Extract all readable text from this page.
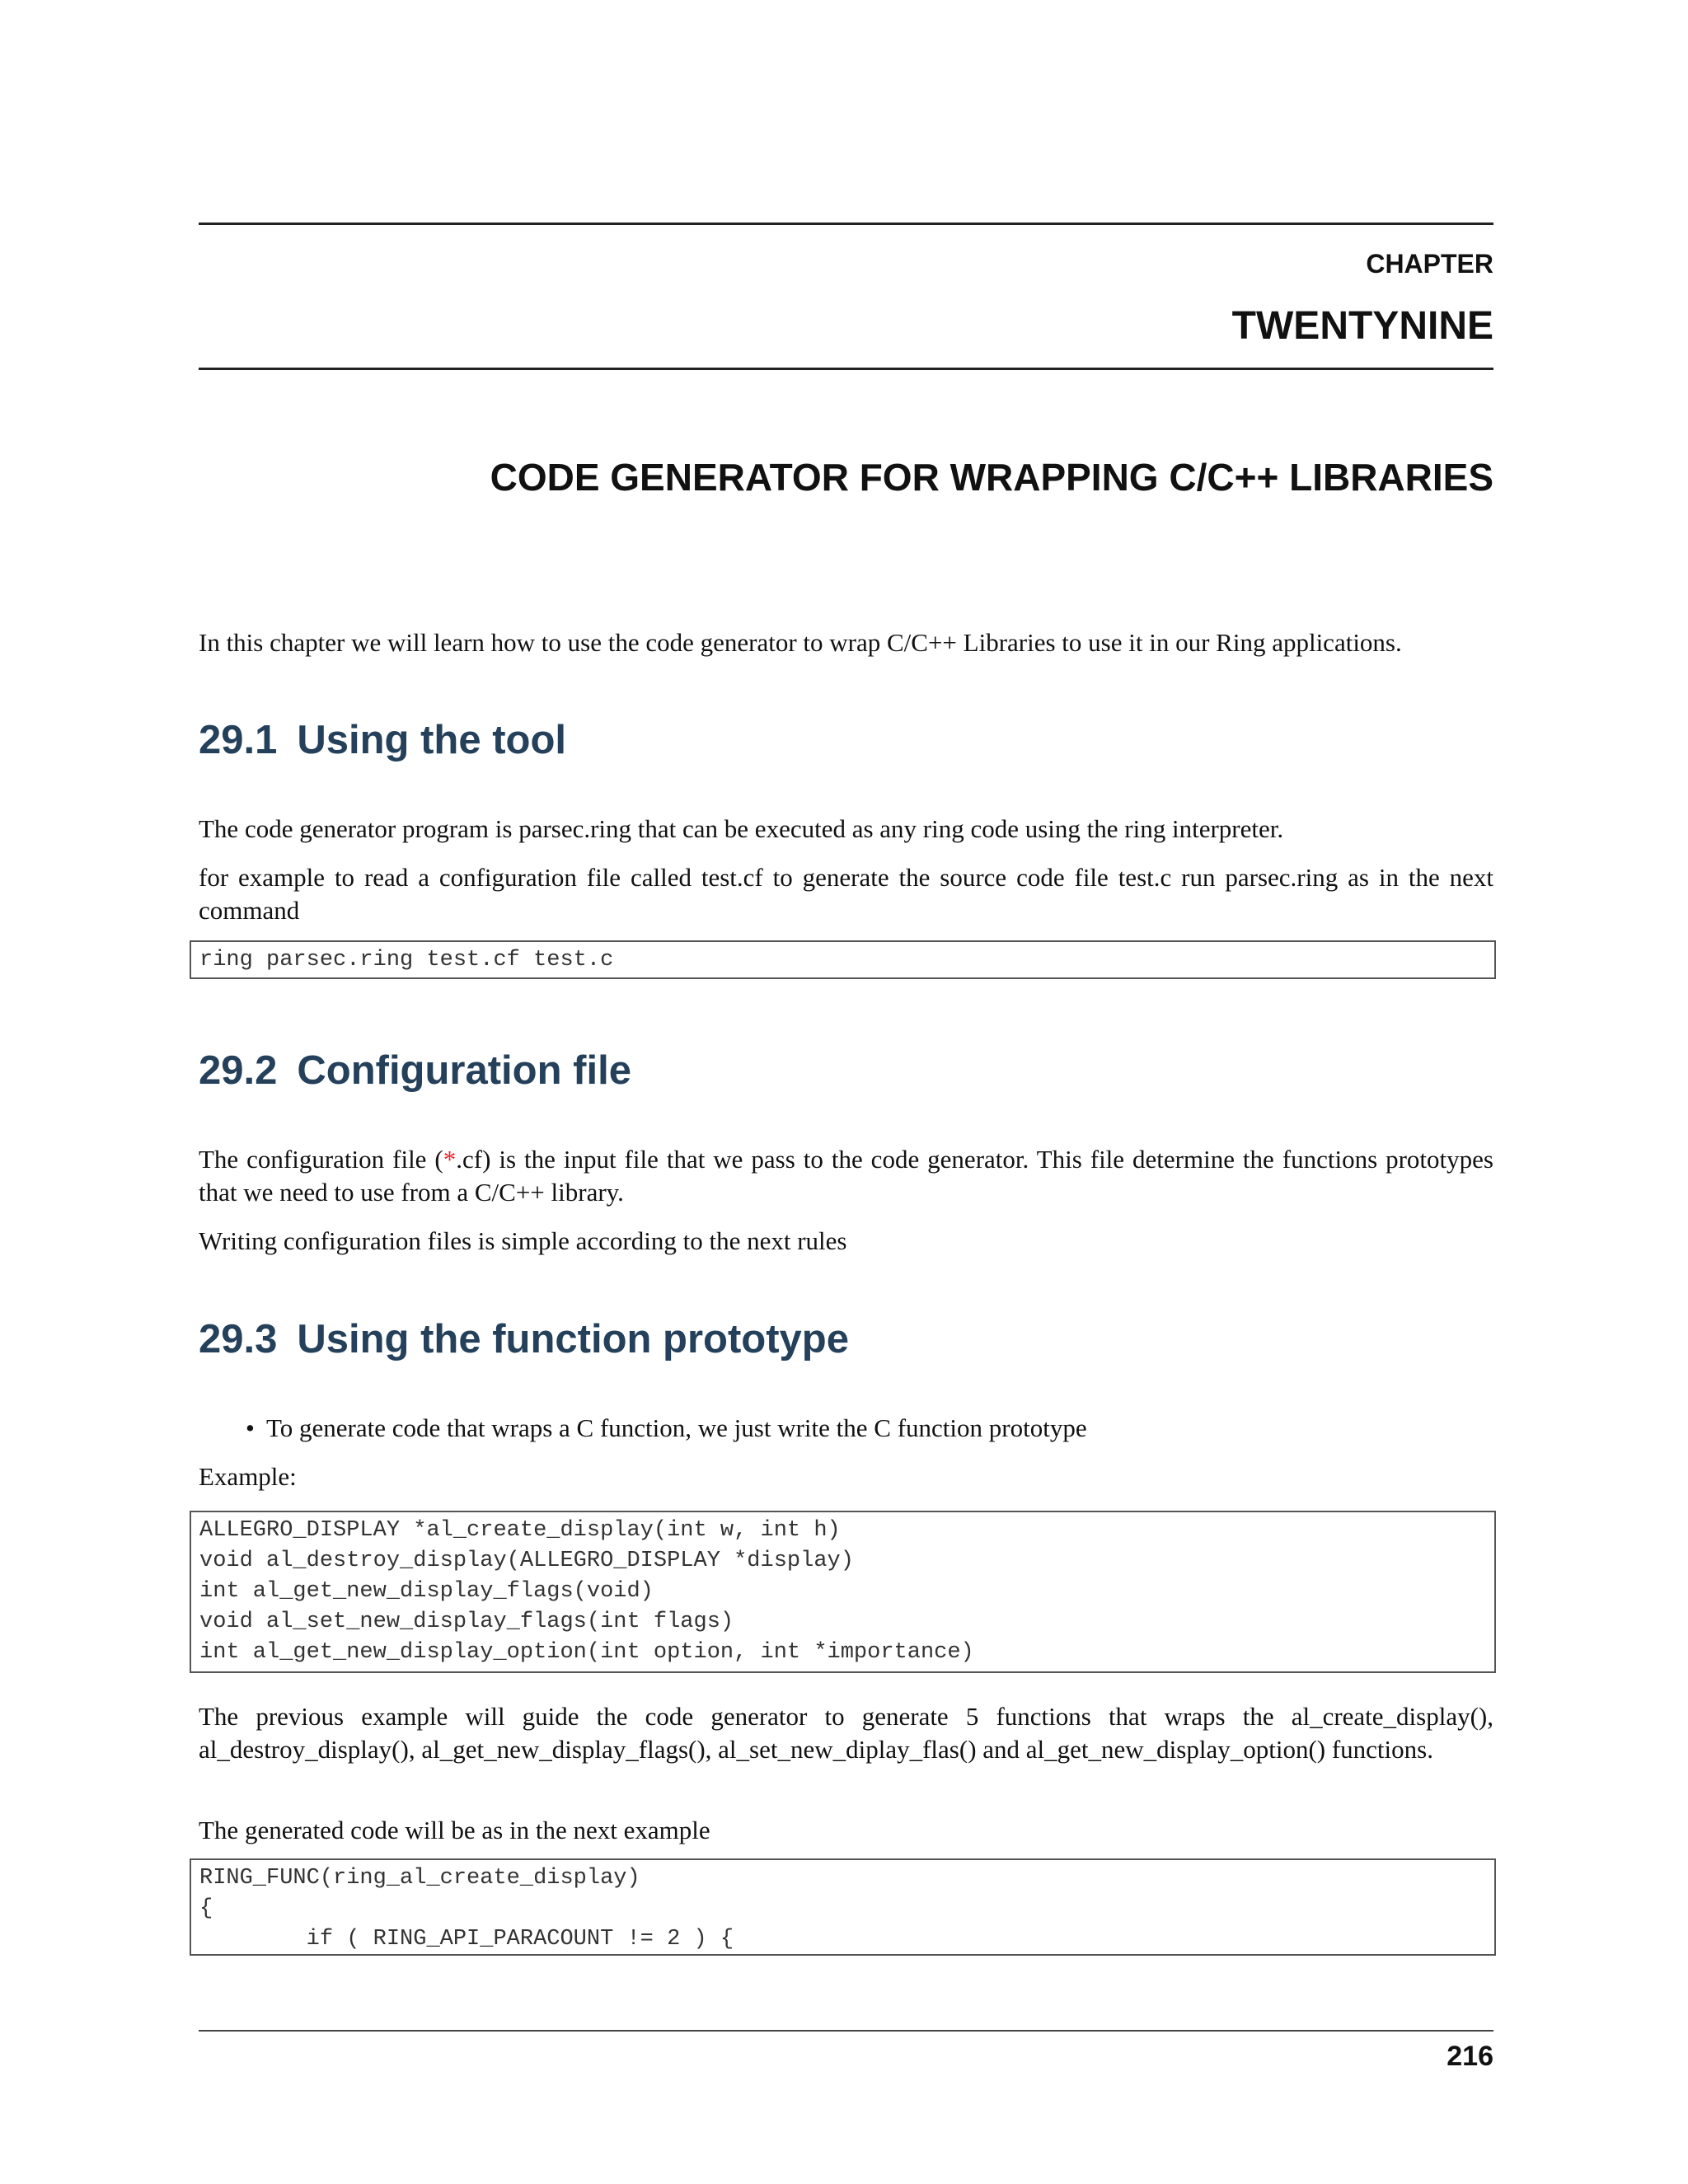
CHAPTER
TWENTYNINE
CODE GENERATOR FOR WRAPPING C/C++ LIBRARIES

In this chapter we will learn how to use the code generator to wrap C/C++ Libraries to use it in our Ring applications.

29.1 Using the tool

The code generator program is parsec.ring that can be executed as any ring code using the ring interpreter.

for example to read a configuration file called test.cf to generate the source code file test.c run parsec.ring as in the next command

ring parsec.ring test.cf test.c
29.2 Configuration file

The configuration file (*.cf) is the input file that we pass to the code generator. This file determine the functions prototypes that we need to use from a C/C++ library.

Writing configuration files is simple according to the next rules

29.3 Using the function prototype
• To generate code that wraps a C function, we just write the C function prototype

Example:

ALLEGRO_DISPLAY *al_create_display(int w, int h)
void al_destroy_display(ALLEGRO_DISPLAY *display)
int al_get_new_display_flags(void)
void al_set_new_display_flags(int flags)
int al_get_new_display_option(int option, int *importance)

The previous example will guide the code generator to generate 5 functions that wraps the al_create_display(), al_destroy_display(), al_get_new_display_flags(), al_set_new_diplay_flas() and al_get_new_display_option() functions.

The generated code will be as in the next example

RING_FUNC(ring_al_create_display)
{
if ( RING_API_PARACOUNT != 2 ) {
216
